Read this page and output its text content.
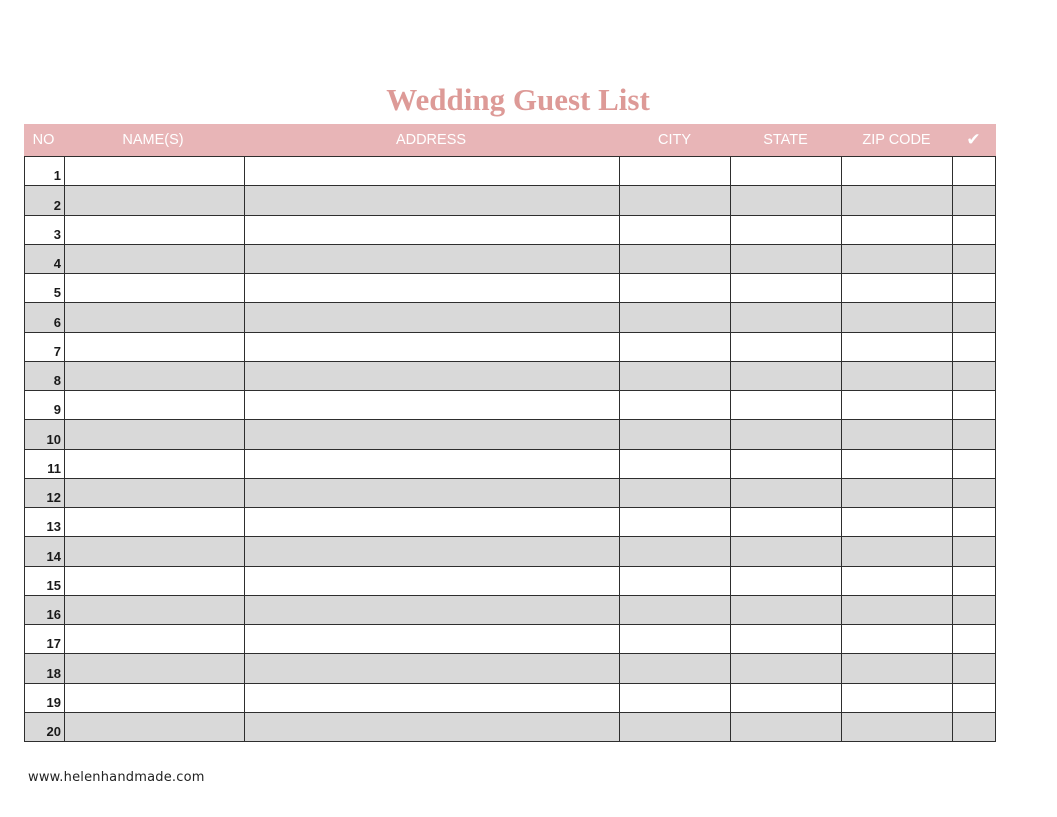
Wedding Guest List
NO	NAME(S)	ADDRESS	CITY	STATE	ZIP CODE	✔
1
2
3
4
5
6
7
8
9
10
11
12
13
14
15
16
17
18
19
20
www.helenhandmade.com
